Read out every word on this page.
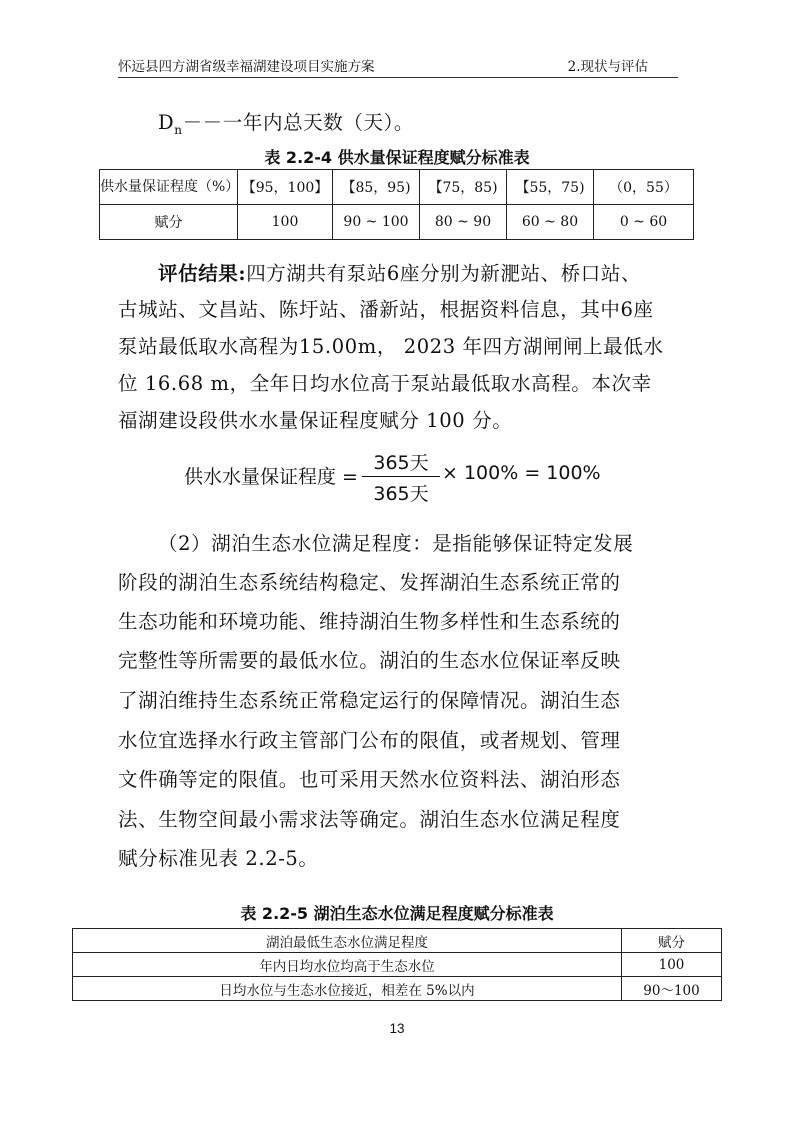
怀远县四方湖省级幸福湖建设项目实施方案	2.现状与评估
$D_n--$一年内总天数（天）。
表 2.2-4 供水量保证程度赋分标准表
供水量保证程度（%）	【95，100】	【85，95)	【75，85)	【55，75)	（0，55）
赋分	100	90 ~ 100	80 ~ 90	60 ~ 80	0 ~ 60
评估结果:四方湖共有泵站6座分别为新淝站、桥口站、
古城站、文昌站、陈圩站、潘新站，根据资料信息，其中6座
泵站最低取水高程为15.00m， 2023 年四方湖闸闸上最低水
位 16.68 m，全年日均水位高于泵站最低取水高程。本次幸
福湖建设段供水水量保证程度赋分 100 分。
供水水量保证程度 =
365天
365天
× 100% = 100%
（2）湖泊生态水位满足程度：是指能够保证特定发展
阶段的湖泊生态系统结构稳定、发挥湖泊生态系统正常的
生态功能和环境功能、维持湖泊生物多样性和生态系统的
完整性等所需要的最低水位。湖泊的生态水位保证率反映
了湖泊维持生态系统正常稳定运行的保障情况。湖泊生态
水位宜选择水行政主管部门公布的限值，或者规划、管理
文件确等定的限值。也可采用天然水位资料法、湖泊形态
法、生物空间最小需求法等确定。湖泊生态水位满足程度
赋分标准见表 2.2-5。
表 2.2-5 湖泊生态水位满足程度赋分标准表
湖泊最低生态水位满足程度	赋分
年内日均水位均高于生态水位	100
日均水位与生态水位接近，相差在 5%以内	90～100
13
